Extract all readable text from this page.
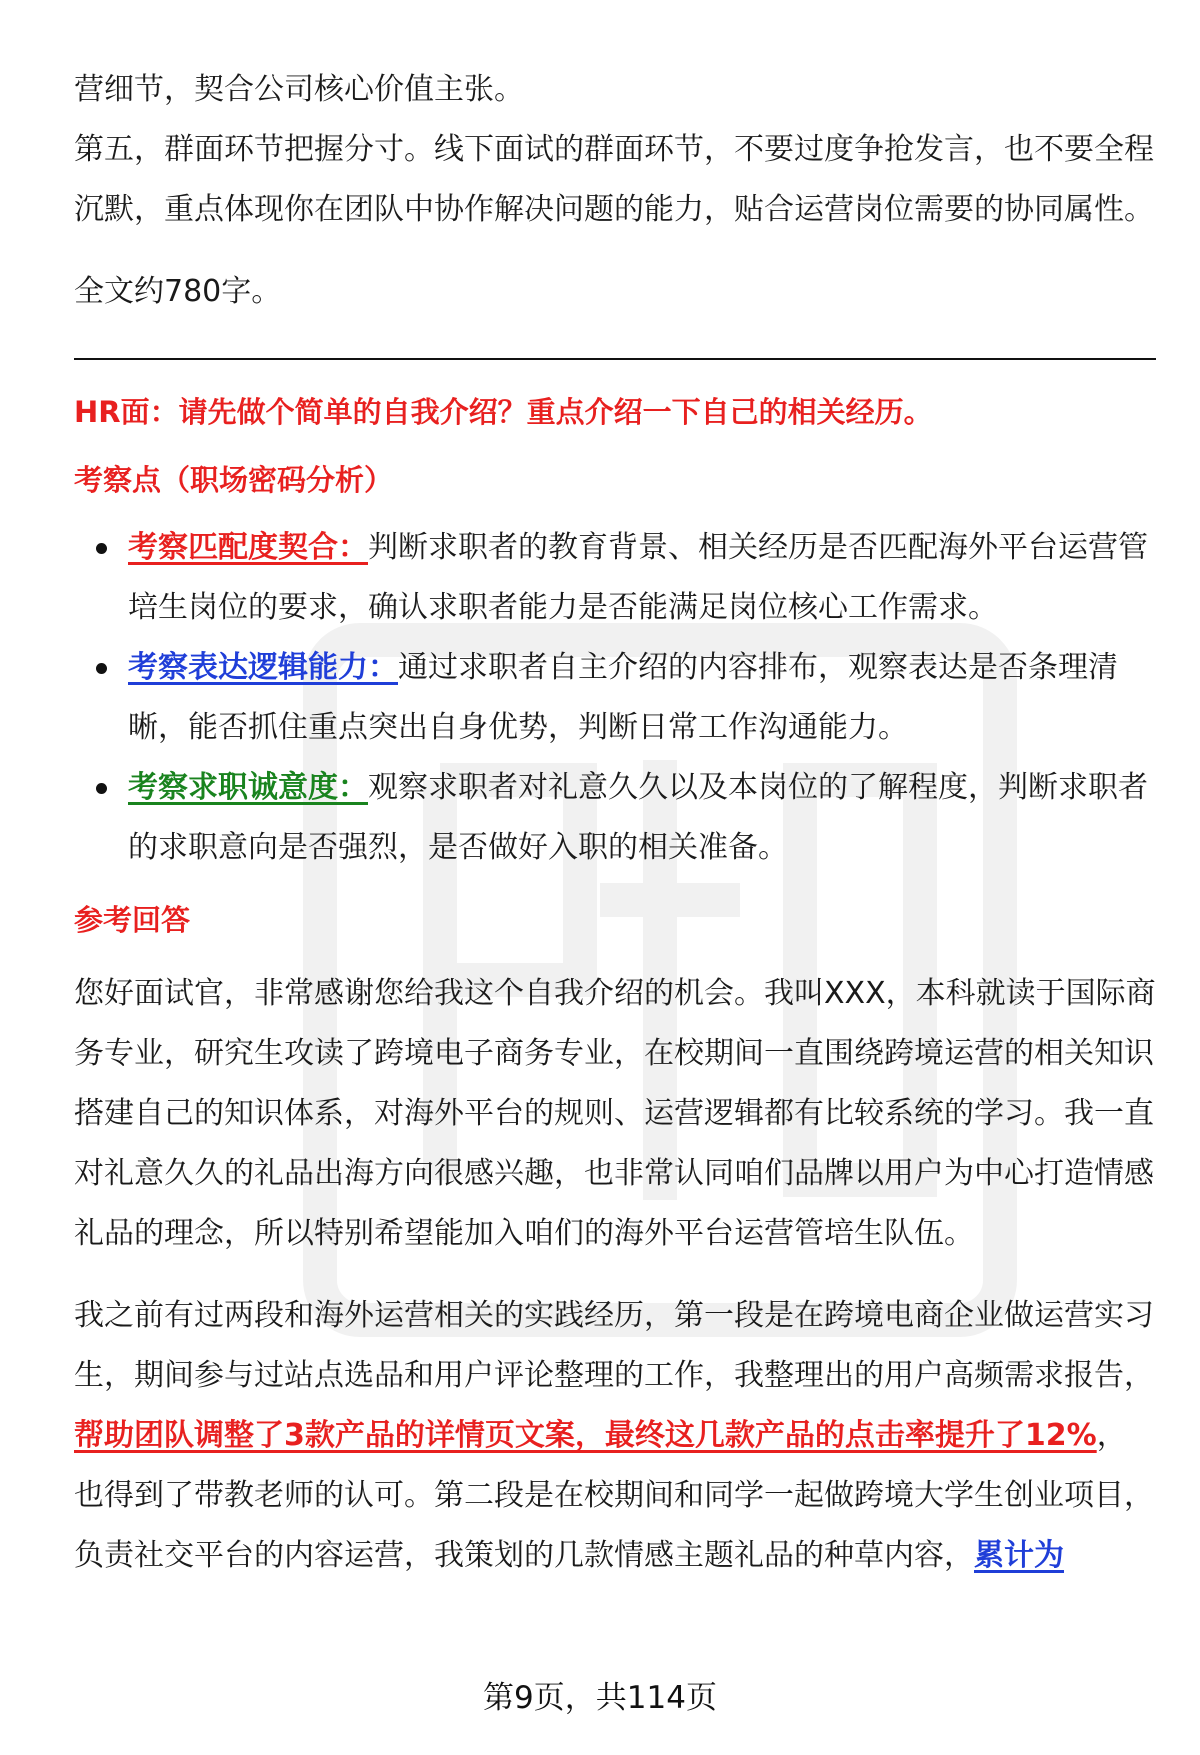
营细节，契合公司核心价值主张。

第五，群面环节把握分寸。线下面试的群面环节，不要过度争抢发言，也不要全程沉默，重点体现你在团队中协作解决问题的能力，贴合运营岗位需要的协同属性。

全文约780字。

HR面：请先做个简单的自我介绍？重点介绍一下自己的相关经历。

考察点（职场密码分析）

考察匹配度契合：判断求职者的教育背景、相关经历是否匹配海外平台运营管培生岗位的要求，确认求职者能力是否能满足岗位核心工作需求。
考察表达逻辑能力：通过求职者自主介绍的内容排布，观察表达是否条理清晰，能否抓住重点突出自身优势，判断日常工作沟通能力。
考察求职诚意度：观察求职者对礼意久久以及本岗位的了解程度，判断求职者的求职意向是否强烈，是否做好入职的相关准备。

参考回答

您好面试官，非常感谢您给我这个自我介绍的机会。我叫XXX，本科就读于国际商务专业，研究生攻读了跨境电子商务专业，在校期间一直围绕跨境运营的相关知识搭建自己的知识体系，对海外平台的规则、运营逻辑都有比较系统的学习。我一直对礼意久久的礼品出海方向很感兴趣，也非常认同咱们品牌以用户为中心打造情感礼品的理念，所以特别希望能加入咱们的海外平台运营管培生队伍。

我之前有过两段和海外运营相关的实践经历，第一段是在跨境电商企业做运营实习生，期间参与过站点选品和用户评论整理的工作，我整理出的用户高频需求报告，帮助团队调整了3款产品的详情页文案，最终这几款产品的点击率提升了12%，也得到了带教老师的认可。第二段是在校期间和同学一起做跨境大学生创业项目，负责社交平台的内容运营，我策划的几款情感主题礼品的种草内容，累计为

第9页，共114页
